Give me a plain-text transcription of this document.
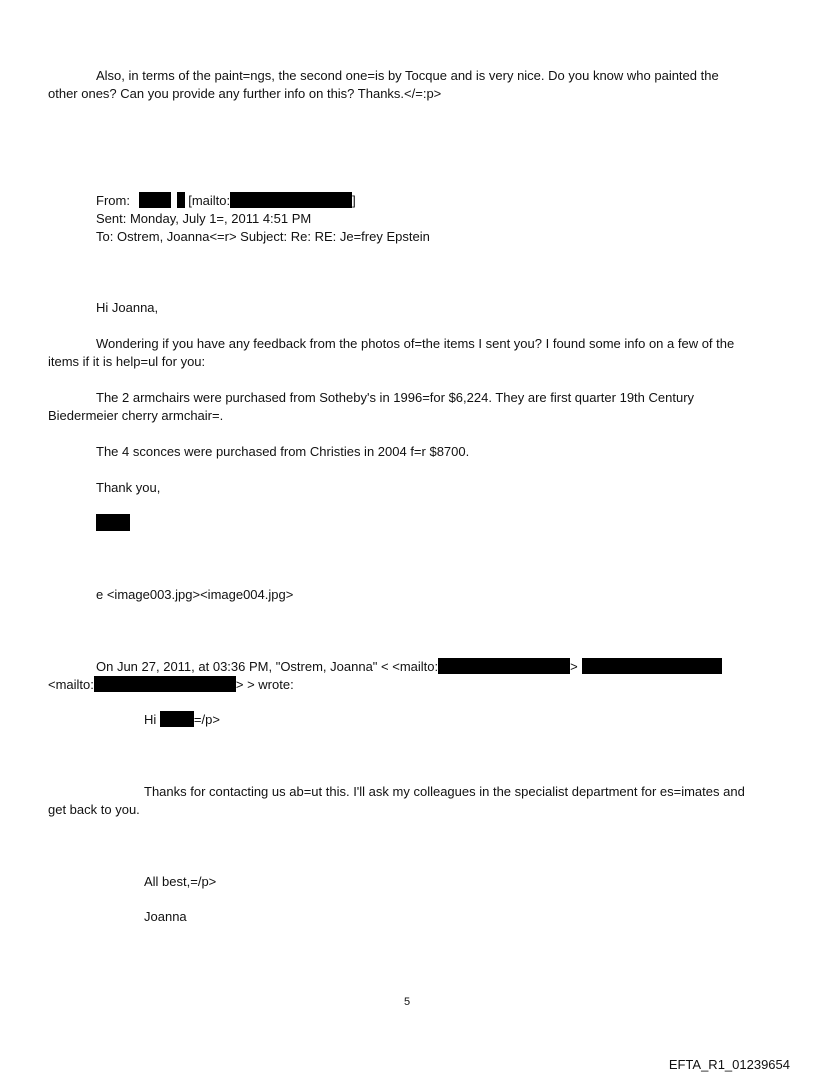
Also, in terms of the paint=ngs, the second one=is by Tocque and is very nice. Do you know who painted the
other ones? Can you provide any further info on this? Thanks.</=:p>
From:	[mailto:	]
Sent: Monday, July 1=, 2011 4:51 PM
To: Ostrem, Joanna<=r> Subject: Re: RE: Je=frey Epstein
Hi Joanna,
Wondering if you have any feedback from the photos of=the items I sent you? I found some info on a few of the
items if it is help=ul for you:
The 2 armchairs were purchased from Sotheby's in 1996=for $6,224. They are first quarter 19th Century
Biedermeier cherry armchair=.
The 4 sconces were purchased from Christies in 2004 f=r $8700.
Thank you,
e <image003.jpg><image004.jpg>
On Jun 27, 2011, at 03:36 PM, "Ostrem, Joanna" < <mailto:	>
<mailto:	> > wrote:
Hi	=/p>
Thanks for contacting us ab=ut this. I'll ask my colleagues in the specialist department for es=imates and
get back to you.
All best,=/p>
Joanna
5
EFTA_R1_01239654
